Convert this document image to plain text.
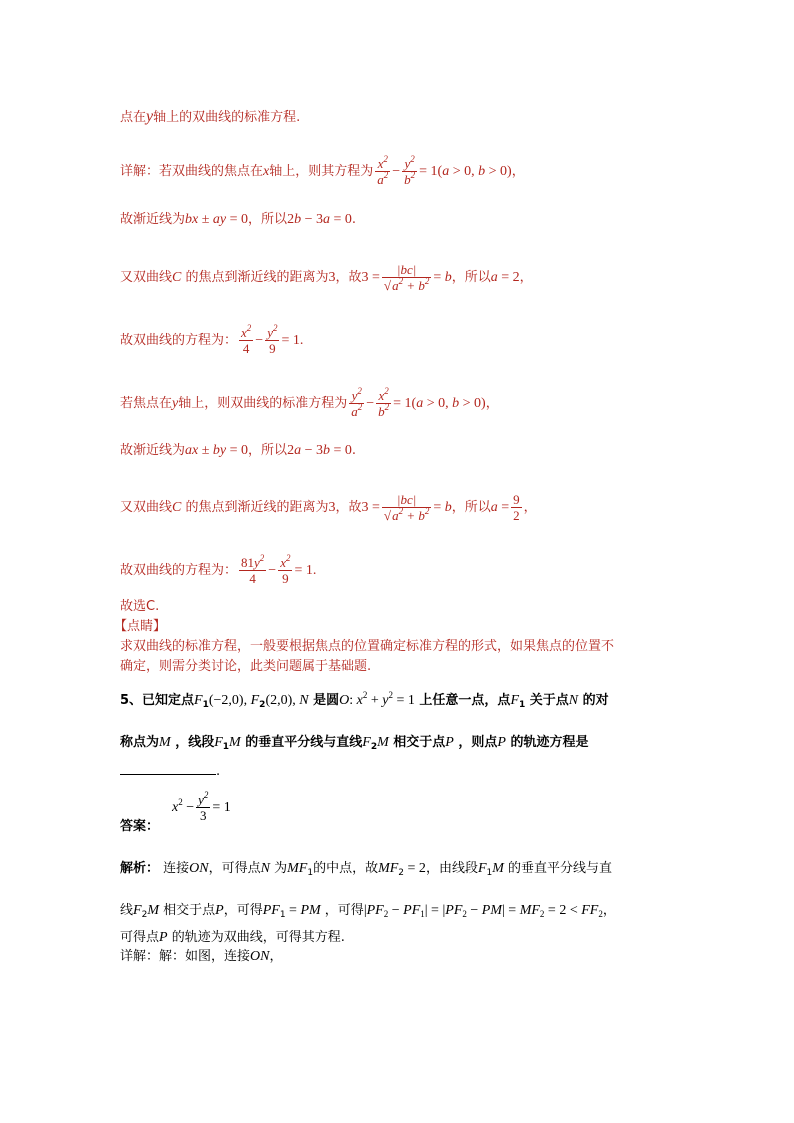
点在y轴上的双曲线的标准方程.
详解：若双曲线的焦点在x轴上，则其方程为 $\frac{x^2}{a^2} - \frac{y^2}{b^2} = 1(a > 0$, b > 0)，
故渐近线为bx ± ay = 0，所以2b − 3a = 0.
又双曲线C 的焦点到渐近线的距离为3，故$3 = \frac{|bc|}{√a^2 + b^2} = b$，所以a = 2，
故双曲线的方程为： $\frac{x^2}{4} - \frac{y^2}{9} = 1$.
若焦点在y轴上，则双曲线的标准方程为 $\frac{y^2}{a^2} - \frac{x^2}{b^2} = 1(a > 0$, b > 0)，
故渐近线为ax ± by = 0，所以2a − 3b = 0.
又双曲线C 的焦点到渐近线的距离为3，故$3 = \frac{|bc|}{√a^2 + b^2} = b$，所以$a = \frac{9}{2}$ ，
故双曲线的方程为： $\frac{81y^2}{4} - \frac{x^2}{9} = 1$.
故选C.
【点睛】
求双曲线的标准方程，一般要根据焦点的位置确定标准方程的形式，如果焦点的位置不
确定，则需分类讨论，此类问题属于基础题.
5、已知定点$F_1(-2,0)$, $F_2(2,0)$, N 是圆O: $x^2 + y^2 = 1$ 上任意一点，点$F_1$ 关于点N 的对
称点为M ，线段$F_1M$ 的垂直平分线与直线$F_2M$ 相交于点P ，则点P 的轨迹方程是
.
$x^2 - \frac{y^2}{3} = 1$
答案：
解析： 连接ON，可得点N 为$MF_1$的中点，故$MF_2 = 2$，由线段$F_1M$ 的垂直平分线与直
线$F_2M$ 相交于点P，可得$PF_1$ = PM ，可得$|PF_2 - PF_1| = |PF_2 - PM| = MF_2 = 2 < FF_2$，
可得点P 的轨迹为双曲线，可得其方程.
详解：解：如图，连接ON，
